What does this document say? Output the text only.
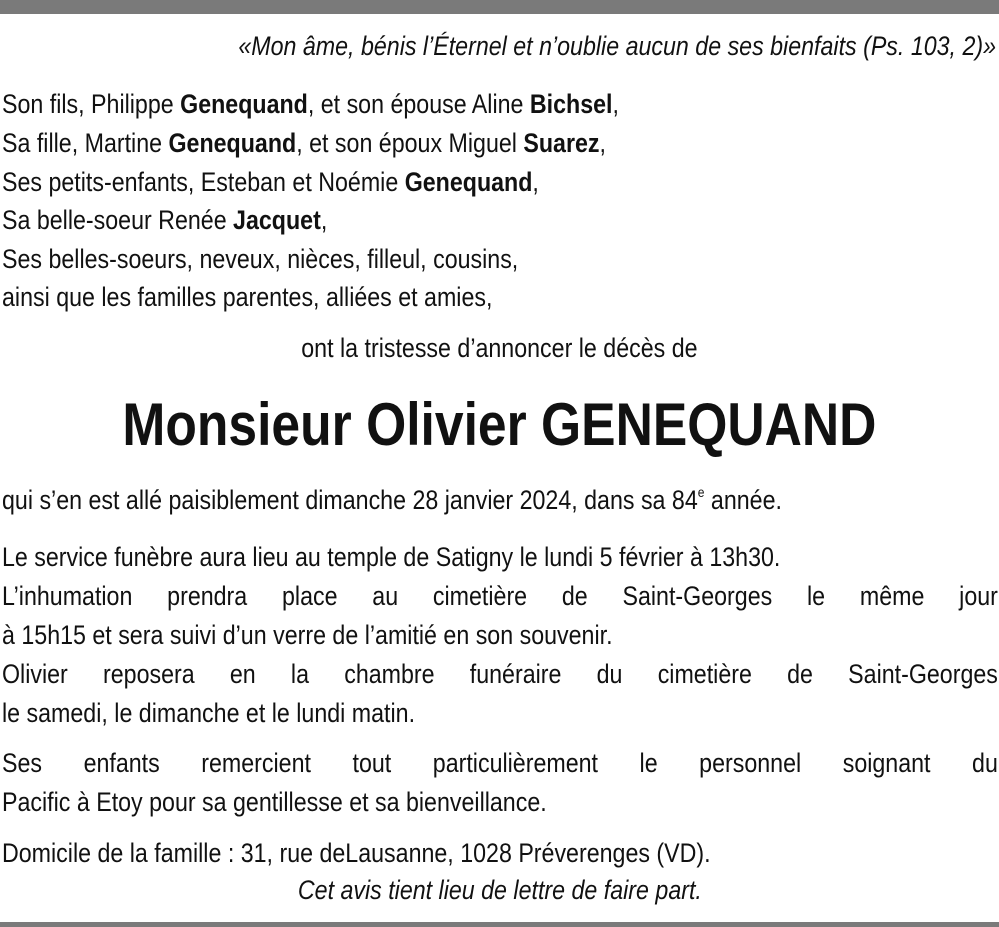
«Mon âme, bénis l’Éternel et n’oublie aucun de ses bienfaits (Ps. 103, 2)»
Son fils, Philippe Genequand, et son épouse Aline Bichsel,
Sa fille, Martine Genequand, et son époux Miguel Suarez,
Ses petits-enfants, Esteban et Noémie Genequand,
Sa belle-soeur Renée Jacquet,
Ses belles-soeurs, neveux, nièces, filleul, cousins,
ainsi que les familles parentes, alliées et amies,
ont la tristesse d’annoncer le décès de
Monsieur Olivier GENEQUAND
qui s’en est allé paisiblement dimanche 28 janvier 2024, dans sa 84e année.
Le service funèbre aura lieu au temple de Satigny le lundi 5 février à 13h30.
L’inhumation prendra place au cimetière de Saint-Georges le même jour
à 15h15 et sera suivi d’un verre de l’amitié en son souvenir.
Olivier reposera en la chambre funéraire du cimetière de Saint-Georges
le samedi, le dimanche et le lundi matin.
Ses enfants remercient tout particulièrement le personnel soignant du
Pacific à Etoy pour sa gentillesse et sa bienveillance.
Domicile de la famille : 31, rue deLausanne, 1028 Préverenges (VD).
Cet avis tient lieu de lettre de faire part.
